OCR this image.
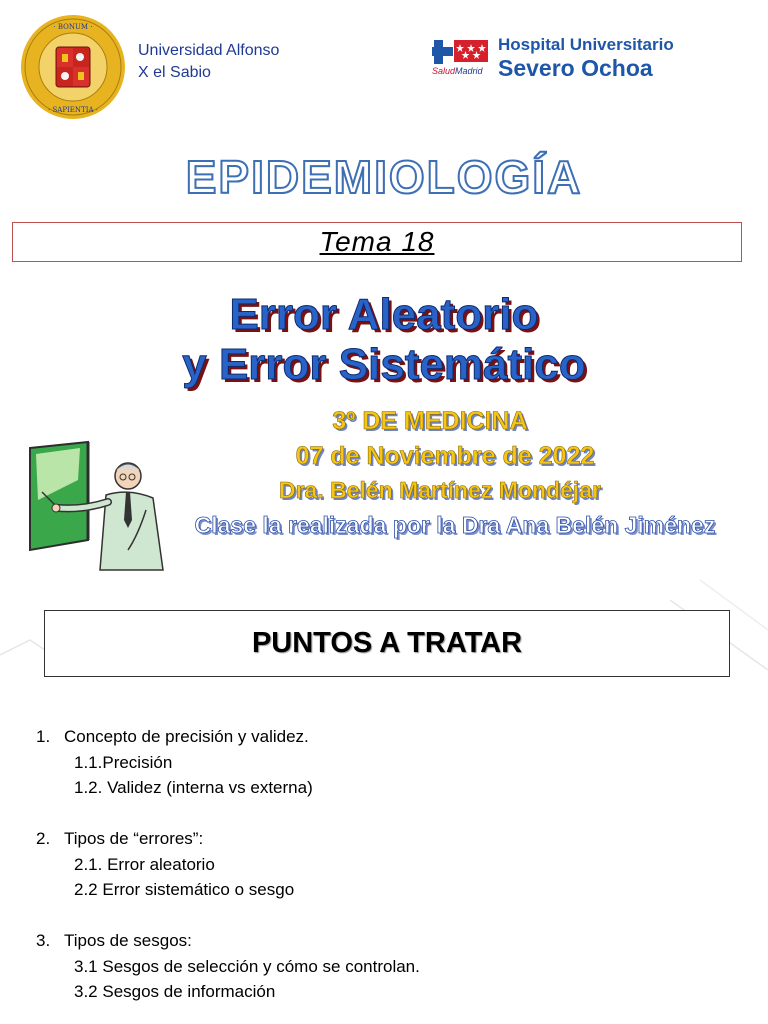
· BONUM ·
· SAPIENTIA ·
Universidad Alfonso
X el Sabio	SaludMadrid
Hospital Universitario
Severo Ochoa
EPIDEMIOLOGÍA
Tema 18
Error Aleatorio
y Error Sistemático
3º DE MEDICINA
07 de Noviembre de 2022
Dra. Belén Martínez Mondéjar
Clase la realizada por la Dra Ana Belén Jiménez
PUNTOS A TRATAR
1. Concepto de precisión y validez.
1.1.Precisión
1.2. Validez (interna vs externa)
2. Tipos de “errores”:
2.1. Error aleatorio
2.2 Error sistemático o sesgo
3. Tipos de sesgos:
3.1 Sesgos de selección y cómo se controlan.
3.2 Sesgos de información
